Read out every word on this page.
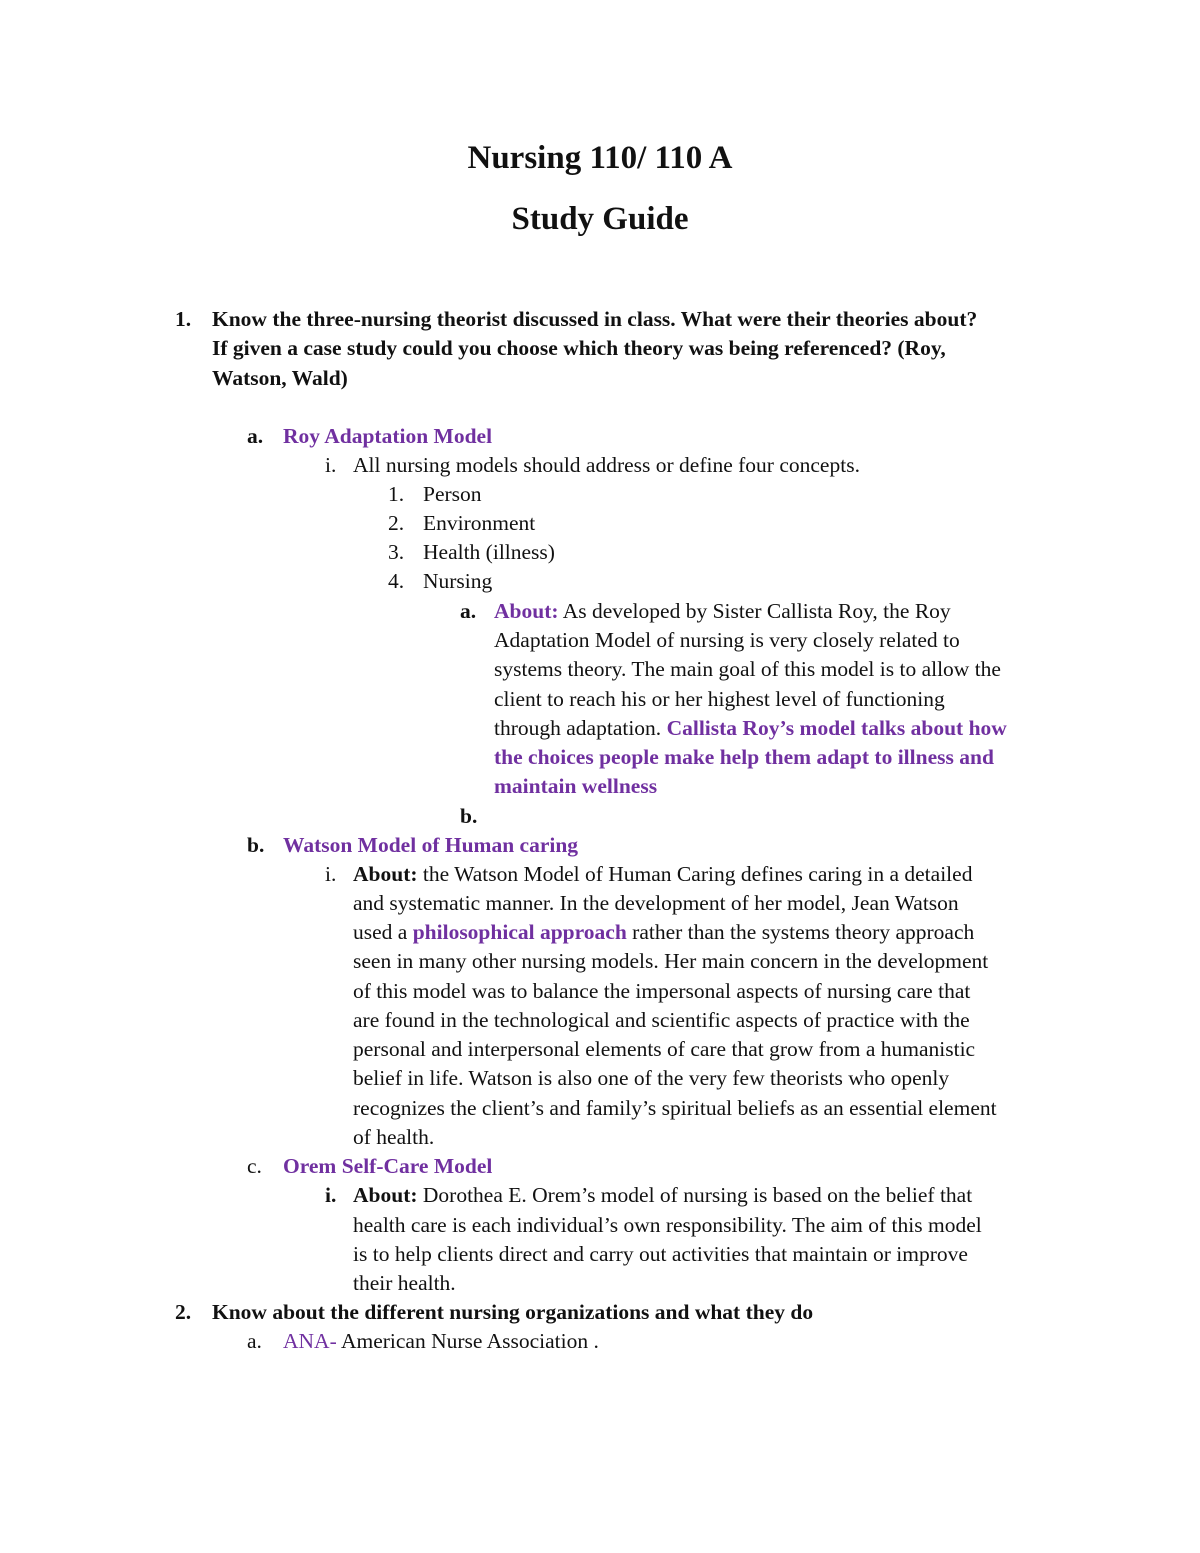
Nursing 110/ 110 A
Study Guide
1. Know the three-nursing theorist discussed in class. What were their theories about?
If given a case study could you choose which theory was being referenced? (Roy,
Watson, Wald)
a. Roy Adaptation Model
i. All nursing models should address or define four concepts.
1. Person
2. Environment
3. Health (illness)
4. Nursing
a. About: As developed by Sister Callista Roy, the Roy
Adaptation Model of nursing is very closely related to
systems theory. The main goal of this model is to allow the
client to reach his or her highest level of functioning
through adaptation. Callista Roy’s model talks about how
the choices people make help them adapt to illness and
maintain wellness
b.
b. Watson Model of Human caring
i. About: the Watson Model of Human Caring defines caring in a detailed
and systematic manner. In the development of her model, Jean Watson
used a philosophical approach rather than the systems theory approach
seen in many other nursing models. Her main concern in the development
of this model was to balance the impersonal aspects of nursing care that
are found in the technological and scientific aspects of practice with the
personal and interpersonal elements of care that grow from a humanistic
belief in life. Watson is also one of the very few theorists who openly
recognizes the client’s and family’s spiritual beliefs as an essential element
of health.
c. Orem Self-Care Model
i. About: Dorothea E. Orem’s model of nursing is based on the belief that
health care is each individual’s own responsibility. The aim of this model
is to help clients direct and carry out activities that maintain or improve
their health.
2. Know about the different nursing organizations and what they do
a. ANA- American Nurse Association .
